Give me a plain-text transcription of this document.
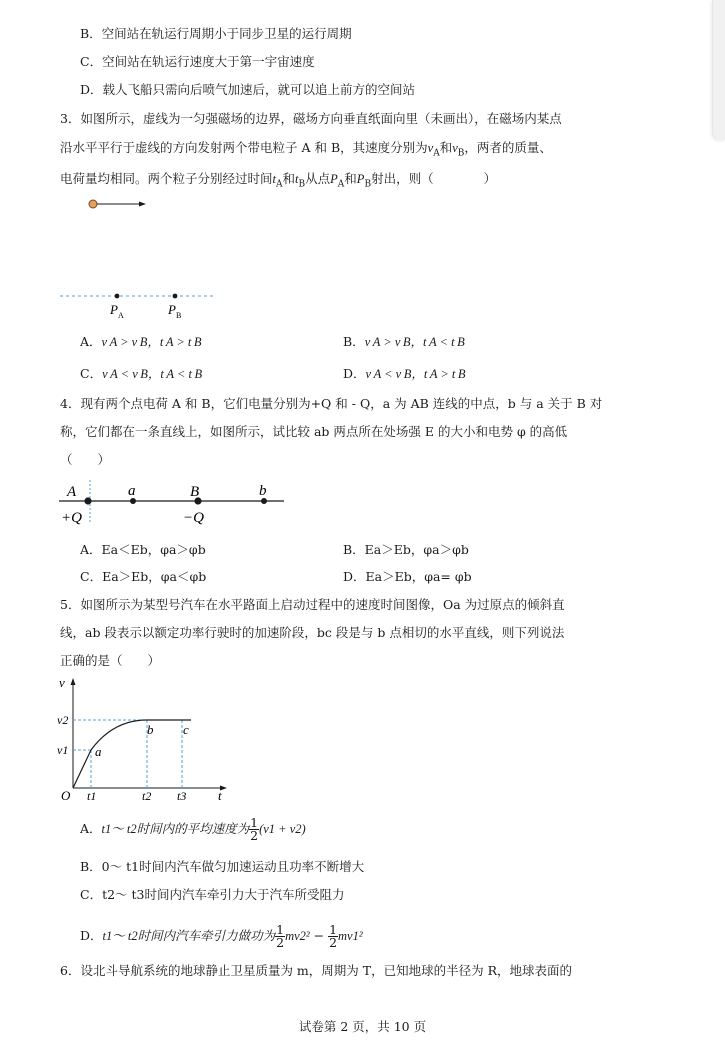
B．空间站在轨运行周期小于同步卫星的运行周期
C．空间站在轨运行速度大于第一宇宙速度
D．载人飞船只需向后喷气加速后，就可以追上前方的空间站
3．如图所示，虚线为一匀强磁场的边界，磁场方向垂直纸面向里（未画出），在磁场内某点
沿水平平行于虚线的方向发射两个带电粒子 A 和 B，其速度分别为$v_A$和$v_B$，两者的质量、
电荷量均相同。两个粒子分别经过时间$t_A$和$t_B$从点$P_A$和$P_B$射出，则（　　　　）
$P_A$	$P_B$
A．v A > v B，t A > t B	B．v A > v B，t A < t B
C．v A < v B，t A < t B	D．v A < v B，t A > t B
4．现有两个点电荷 A 和 B，它们电量分别为+Q 和 - Q，a 为 AB 连线的中点，b 与 a 关于 B 对
称，它们都在一条直线上，如图所示，试比较 ab 两点所在处场强 E 的大小和电势 φ 的高低
（　　）
A	a	B	b
+Q	−Q
A．Ea＜Eb，φa＞φb	B．Ea＞Eb，φa＞φb
C．Ea＞Eb，φa＜φb	D．Ea＞Eb，φa= φb
5．如图所示为某型号汽车在水平路面上启动过程中的速度时间图像，Oa 为过原点的倾斜直
线，ab 段表示以额定功率行驶时的加速阶段，bc 段是与 b 点相切的水平直线，则下列说法
正确的是（　　）
v
v2
v1
O t1	t2 t3 t
a
b c
A．t1～ t2时间内的平均速度为 $\frac{1}{2} (v1 + v2)$
B．0～ t1时间内汽车做匀加速运动且功率不断增大
C．t2～ t3时间内汽车牵引力大于汽车所受阻力
D．t1～ t2时间内汽车牵引力做功为 $\frac{1}{2} mv2^2 - \frac{1}{2} mv1^2$
6．设北斗导航系统的地球静止卫星质量为 m，周期为 T，已知地球的半径为 R，地球表面的
试卷第 2 页，共 10 页
